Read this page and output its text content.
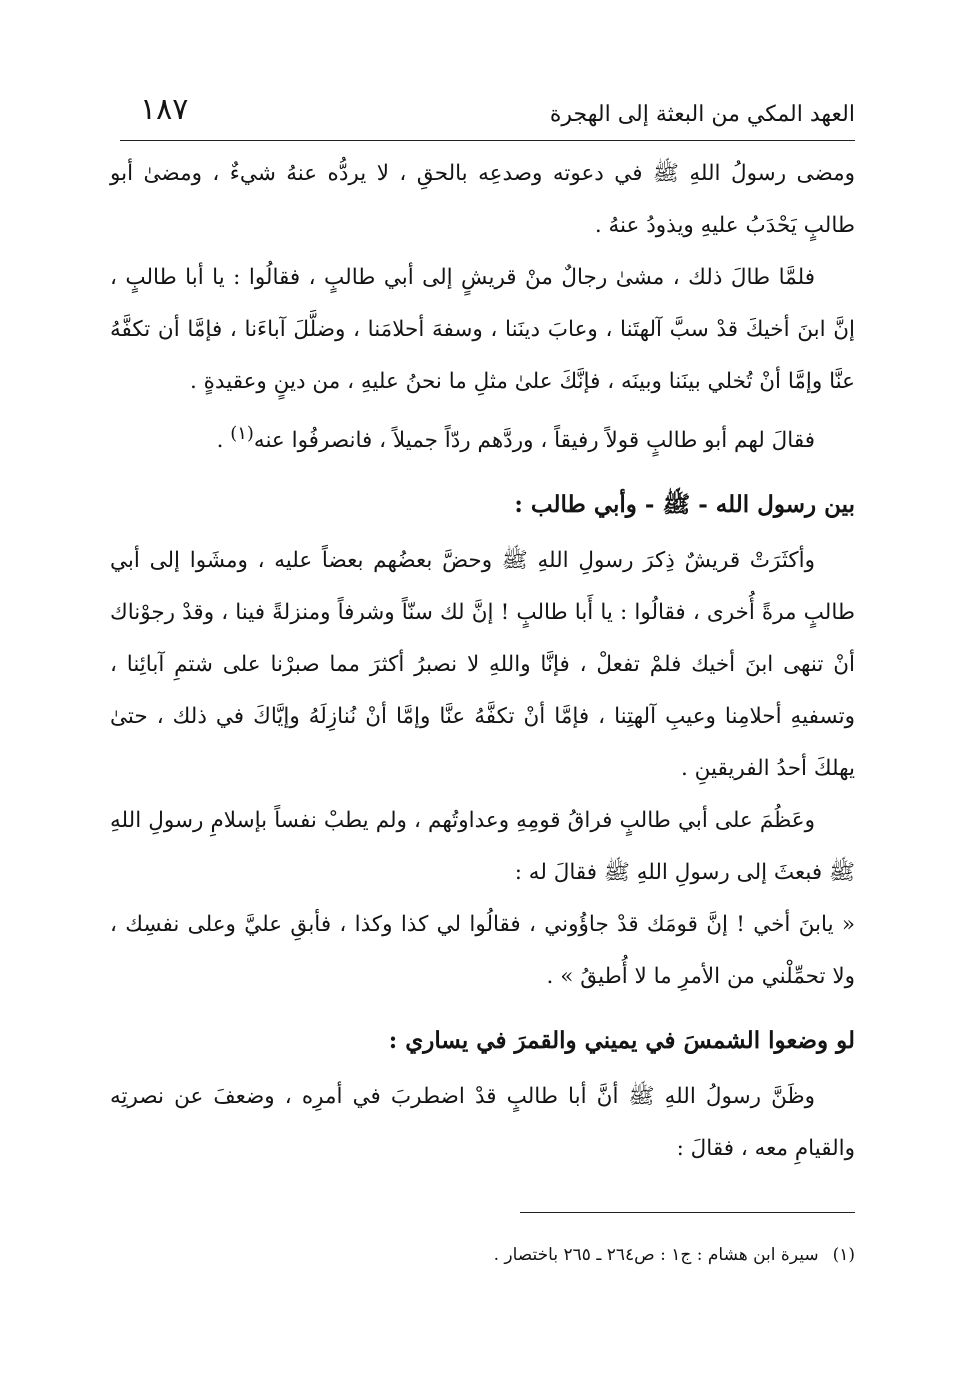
العهد المكي من البعثة إلى الهجرة
١٨٧

ومضى رسولُ اللهِ ﷺ في دعوته وصدعِه بالحقِ ، لا يردُّه عنهُ شيءٌ ، ومضىٰ أبو طالبٍ يَحْدَبُ عليهِ ويذودُ عنهُ .

فلمَّا طالَ ذلك ، مشىٰ رجالٌ منْ قريشٍ إلى أبي طالبٍ ، فقالُوا : يا أبا طالبٍ ، إنَّ ابنَ أخيكَ قدْ سبَّ آلهتَنا ، وعابَ دينَنا ، وسفهَ أحلامَنا ، وضلَّلَ آباءَنا ، فإمَّا أن تكفَّهُ عنَّا وإمَّا أنْ تُخلي بينَنا وبينَه ، فإنَّكَ علىٰ مثلِ ما نحنُ عليهِ ، من دينٍ وعقيدةٍ .

فقالَ لهم أبو طالبٍ قولاً رفيقاً ، وردَّهم ردّاً جميلاً ، فانصرفُوا عنه$^{(١)}$ .

بين رسول الله - ﷺ - وأبي طالب :

وأكثَرَتْ قريشٌ ذِكرَ رسولِ اللهِ ﷺ وحضَّ بعضُهم بعضاً عليه ، ومشَوا إلى أبي طالبٍ مرةً أُخرى ، فقالُوا : يا أَبا طالبٍ ! إنَّ لك سنّاً وشرفاً ومنزلةً فينا ، وقدْ رجوْناك أنْ تنهى ابنَ أخيك فلمْ تفعلْ ، فإنَّا واللهِ لا نصبرُ أكثرَ مما صبرْنا على شتمِ آبائِنا ، وتسفيهِ أحلامِنا وعيبِ آلهتِنا ، فإمَّا أنْ تكفَّهُ عنَّا وإمَّا أنْ نُنازِلَهُ وإيَّاكَ في ذلك ، حتىٰ يهلكَ أحدُ الفريقينِ .

وعَظُمَ على أبي طالبٍ فراقُ قومِهِ وعداوتُهم ، ولم يطبْ نفساً بإسلامِ رسولِ اللهِ ﷺ فبعثَ إلى رسولِ اللهِ ﷺ فقالَ له :

« يابنَ أخي ! إنَّ قومَك قدْ جاؤُوني ، فقالُوا لي كذا وكذا ، فأبقِ عليَّ وعلى نفسِك ، ولا تحمِّلْني من الأمرِ ما لا أُطيقُ » .

لو وضعوا الشمسَ في يميني والقمرَ في يساري :

وظَنَّ رسولُ اللهِ ﷺ أنَّ أبا طالبٍ قدْ اضطربَ في أمرِه ، وضعفَ عن نصرتِه والقيامِ معه ، فقالَ :

(١)سيرة ابن هشام : ج١ : ص٢٦٤ ـ ٢٦٥ باختصار .
